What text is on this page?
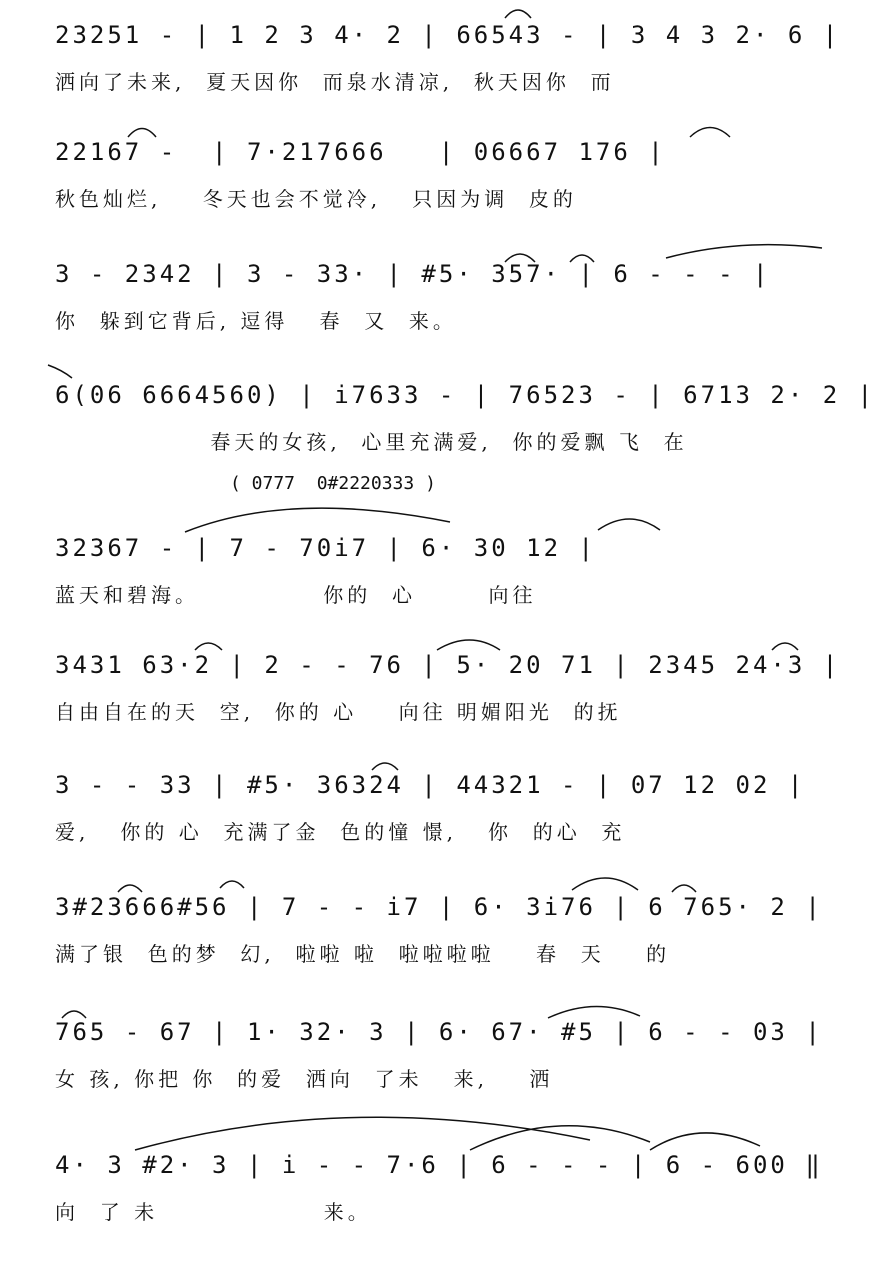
23251 - | 1 2 3 4· 2 | 66543 - | 3 4 3 2· 6 |
洒向了未来,  夏天因你  而泉水清凉,  秋天因你  而
22167 -  | 7·217666   | 06667 176 |
秋色灿烂,    冬天也会不觉冷,   只因为调  皮的
3 - 2342 | 3 - 33· | #5· 357· | 6 - - - |
你  躲到它背后, 逗得   春  又  来。
6(06 6664560) | i7633 - | 76523 - | 6713 2· 2 |
春天的女孩,  心里充满爱,  你的爱飘 飞  在
( 0777  0#2220333 )
32367 - | 7 - 70i7 | 6· 30 12 |
蓝天和碧海。            你的  心       向往
3431 63·2 | 2 - - 76 | 5· 20 71 | 2345 24·3 |
自由自在的天  空,  你的 心    向往 明媚阳光  的抚
3 - - 33 | #5· 36324 | 44321 - | 07 12 02 |
爱,   你的 心  充满了金  色的憧 憬,   你  的心  充
3#23666#56 | 7 - - i7 | 6· 3i76 | 6 765· 2 |
满了银  色的梦  幻,  啦啦 啦  啦啦啦啦    春  天    的
765 - 67 | 1· 32· 3 | 6· 67· #5 | 6 - - 03 |
女 孩, 你把 你  的爱  洒向  了未   来,    洒
4· 3 #2· 3 | i - - 7·6 | 6 - - - | 6 - 600 ‖
向  了 未                来。
